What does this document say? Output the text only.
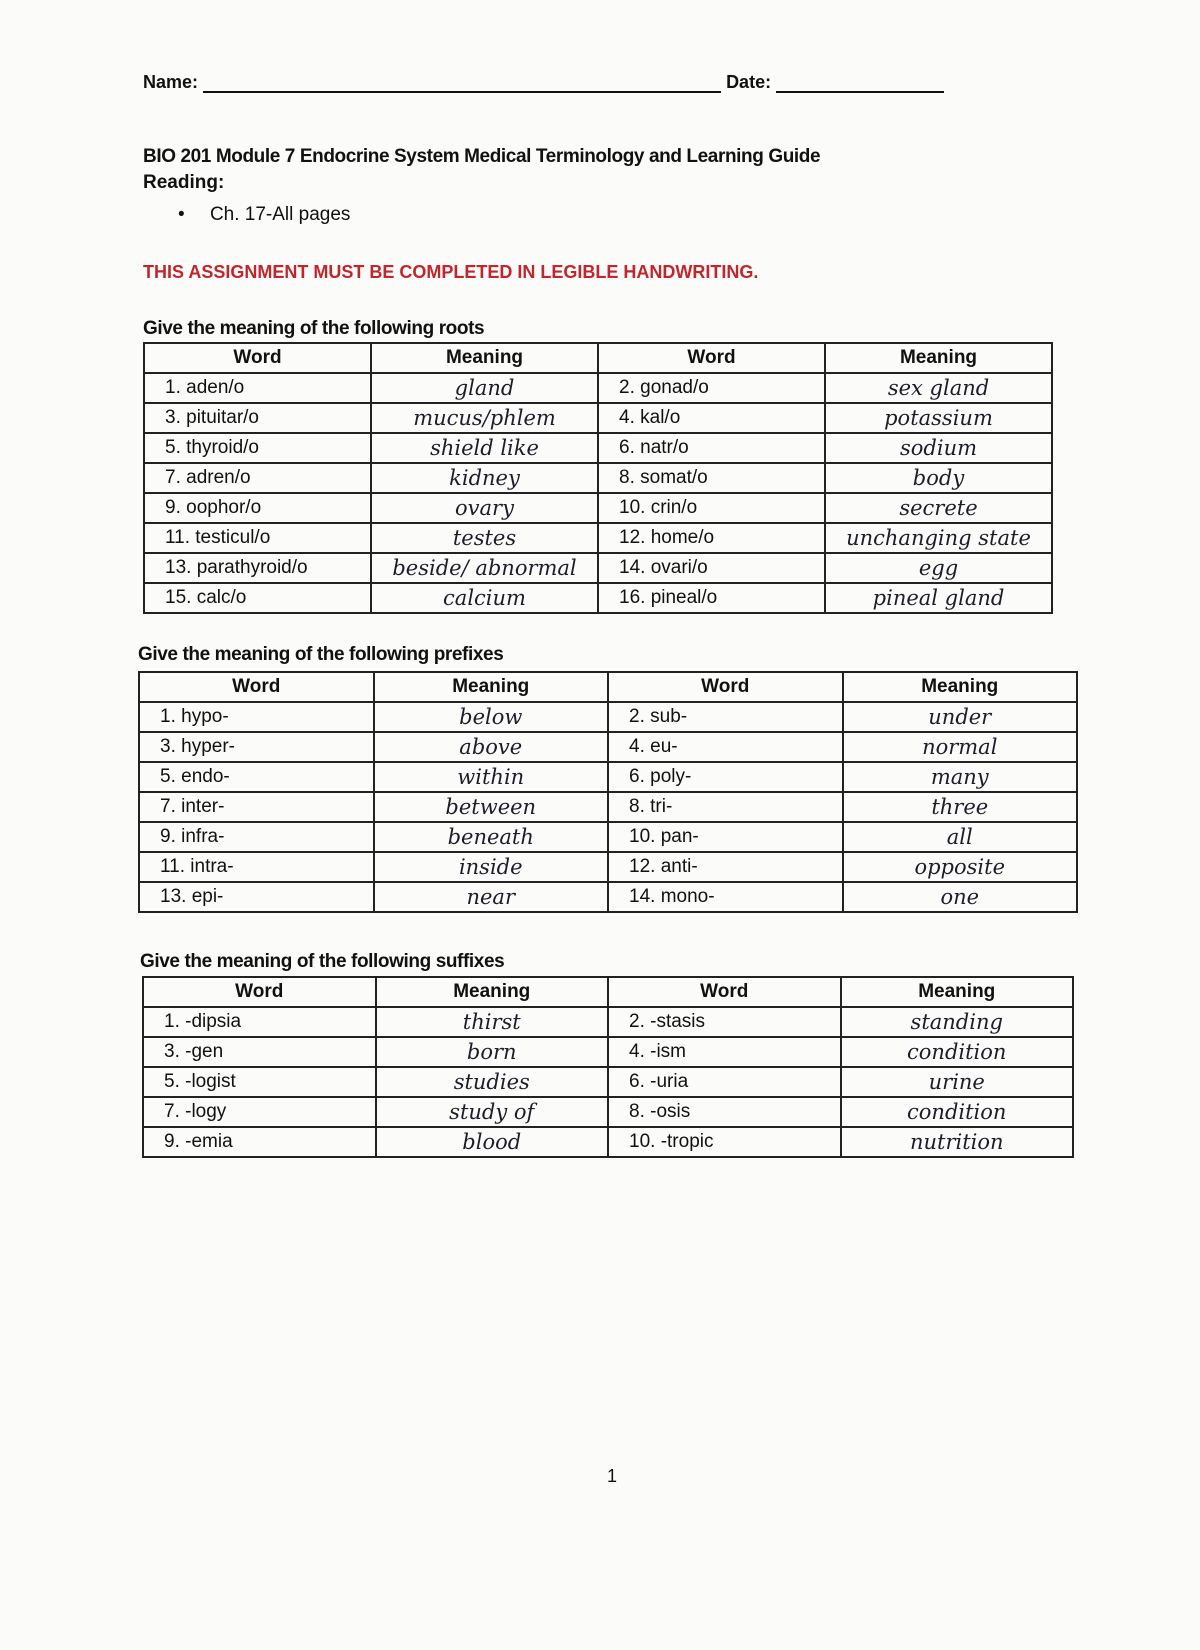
Name:	Date:
BIO 201 Module 7 Endocrine System Medical Terminology and Learning Guide
Reading:
• Ch. 17-All pages
THIS ASSIGNMENT MUST BE COMPLETED IN LEGIBLE HANDWRITING.
Give the meaning of the following roots
Word	Meaning	Word	Meaning
1. aden/o	gland	2. gonad/o	sex gland
3. pituitar/o	mucus/phlem	4. kal/o	potassium
5. thyroid/o	shield like	6. natr/o	sodium
7. adren/o	kidney	8. somat/o	body
9. oophor/o	ovary	10. crin/o	secrete
11. testicul/o	testes	12. home/o	unchanging state
13. parathyroid/o	beside/ abnormal	14. ovari/o	egg
15. calc/o	calcium	16. pineal/o	pineal gland
Give the meaning of the following prefixes
Word	Meaning	Word	Meaning
1. hypo-	below	2. sub-	under
3. hyper-	above	4. eu-	normal
5. endo-	within	6. poly-	many
7. inter-	between	8. tri-	three
9. infra-	beneath	10. pan-	all
11. intra-	inside	12. anti-	opposite
13. epi-	near	14. mono-	one
Give the meaning of the following suffixes
Word	Meaning	Word	Meaning
1. -dipsia	thirst	2. -stasis	standing
3. -gen	born	4. -ism	condition
5. -logist	studies	6. -uria	urine
7. -logy	study of	8. -osis	condition
9. -emia	blood	10. -tropic	nutrition
1
